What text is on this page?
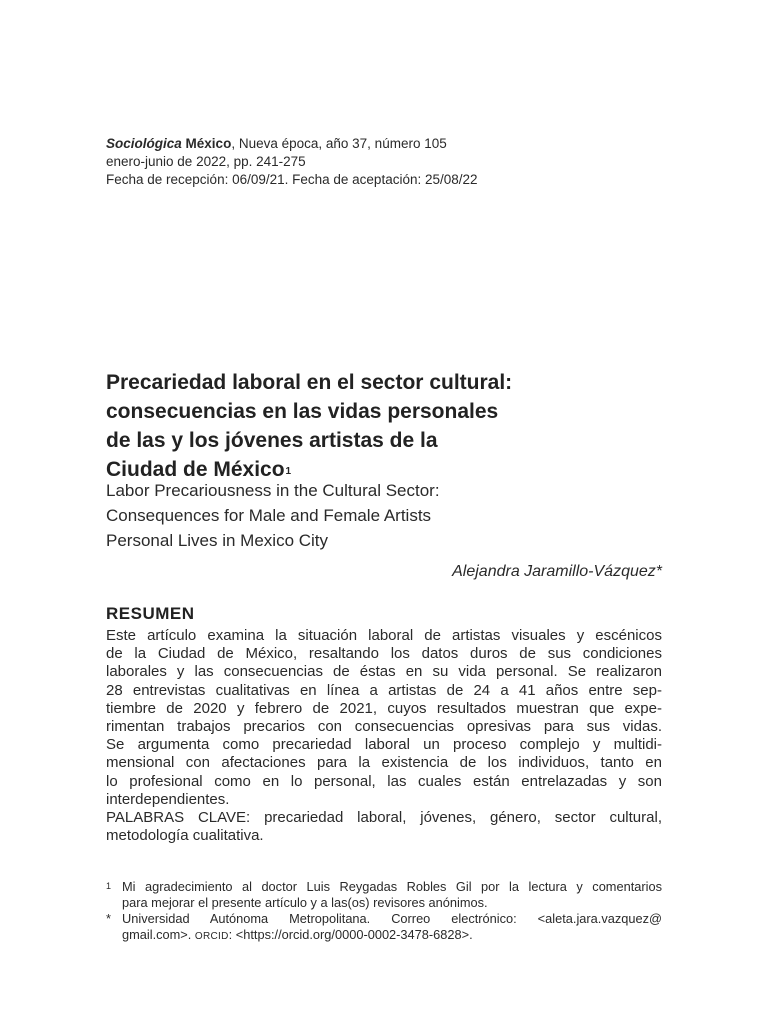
Sociológica México, Nueva época, año 37, número 105
enero-junio de 2022, pp. 241-275
Fecha de recepción: 06/09/21. Fecha de aceptación: 25/08/22
Precariedad laboral en el sector cultural:
consecuencias en las vidas personales
de las y los jóvenes artistas de la
Ciudad de México$^1$
Labor Precariousness in the Cultural Sector:
Consequences for Male and Female Artists
Personal Lives in Mexico City
Alejandra Jaramillo-Vázquez*
RESUMEN
Este artículo examina la situación laboral de artistas visuales y escénicos
de la Ciudad de México, resaltando los datos duros de sus condiciones
laborales y las consecuencias de éstas en su vida personal. Se realizaron
28 entrevistas cualitativas en línea a artistas de 24 a 41 años entre sep-
tiembre de 2020 y febrero de 2021, cuyos resultados muestran que expe-
rimentan trabajos precarios con consecuencias opresivas para sus vidas.
Se argumenta como precariedad laboral un proceso complejo y multidi-
mensional con afectaciones para la existencia de los individuos, tanto en
lo profesional como en lo personal, las cuales están entrelazadas y son
interdependientes.
PALABRAS CLAVE: precariedad laboral, jóvenes, género, sector cultural,
metodología cualitativa.
1 Mi agradecimiento al doctor Luis Reygadas Robles Gil por la lectura y comentarios
para mejorar el presente artículo y a las(os) revisores anónimos.
* Universidad Autónoma Metropolitana. Correo electrónico: <aleta.jara.vazquez@
gmail.com>. ORCID: <https://orcid.org/0000-0002-3478-6828>.
